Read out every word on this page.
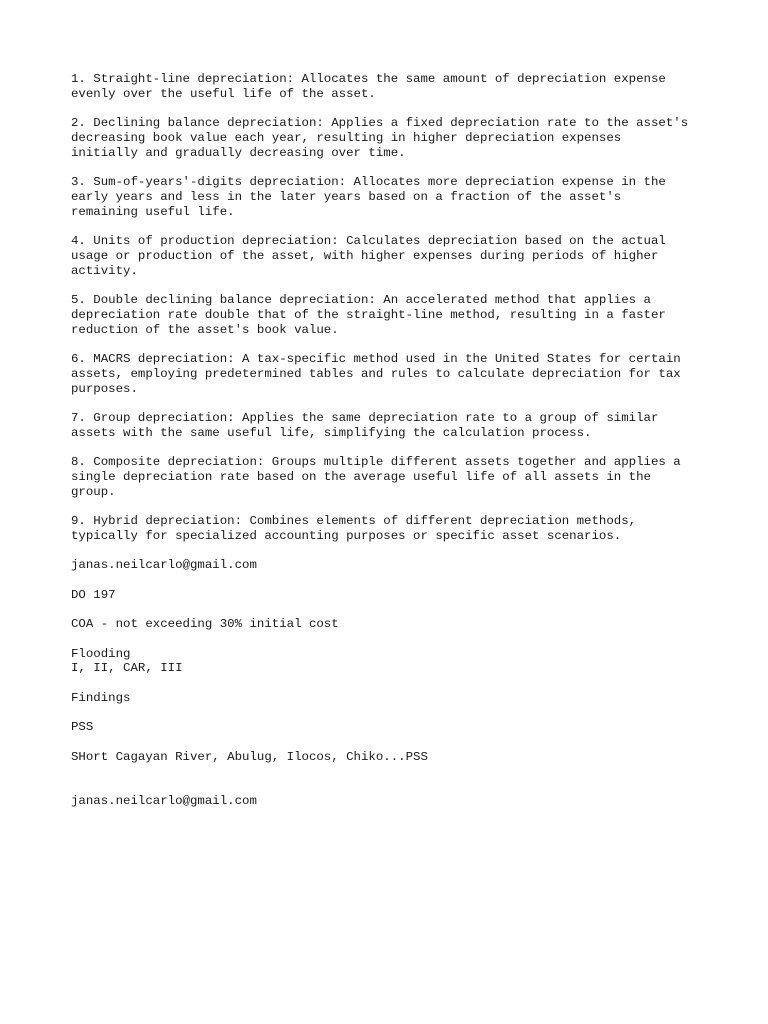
1. Straight-line depreciation: Allocates the same amount of depreciation expense
evenly over the useful life of the asset.

2. Declining balance depreciation: Applies a fixed depreciation rate to the asset's
decreasing book value each year, resulting in higher depreciation expenses
initially and gradually decreasing over time.

3. Sum-of-years'-digits depreciation: Allocates more depreciation expense in the
early years and less in the later years based on a fraction of the asset's
remaining useful life.

4. Units of production depreciation: Calculates depreciation based on the actual
usage or production of the asset, with higher expenses during periods of higher
activity.

5. Double declining balance depreciation: An accelerated method that applies a
depreciation rate double that of the straight-line method, resulting in a faster
reduction of the asset's book value.

6. MACRS depreciation: A tax-specific method used in the United States for certain
assets, employing predetermined tables and rules to calculate depreciation for tax
purposes.

7. Group depreciation: Applies the same depreciation rate to a group of similar
assets with the same useful life, simplifying the calculation process.

8. Composite depreciation: Groups multiple different assets together and applies a
single depreciation rate based on the average useful life of all assets in the
group.

9. Hybrid depreciation: Combines elements of different depreciation methods,
typically for specialized accounting purposes or specific asset scenarios.

janas.neilcarlo@gmail.com

DO 197

COA - not exceeding 30% initial cost

Flooding
I, II, CAR, III

Findings

PSS

SHort Cagayan River, Abulug, Ilocos, Chiko...PSS

janas.neilcarlo@gmail.com
